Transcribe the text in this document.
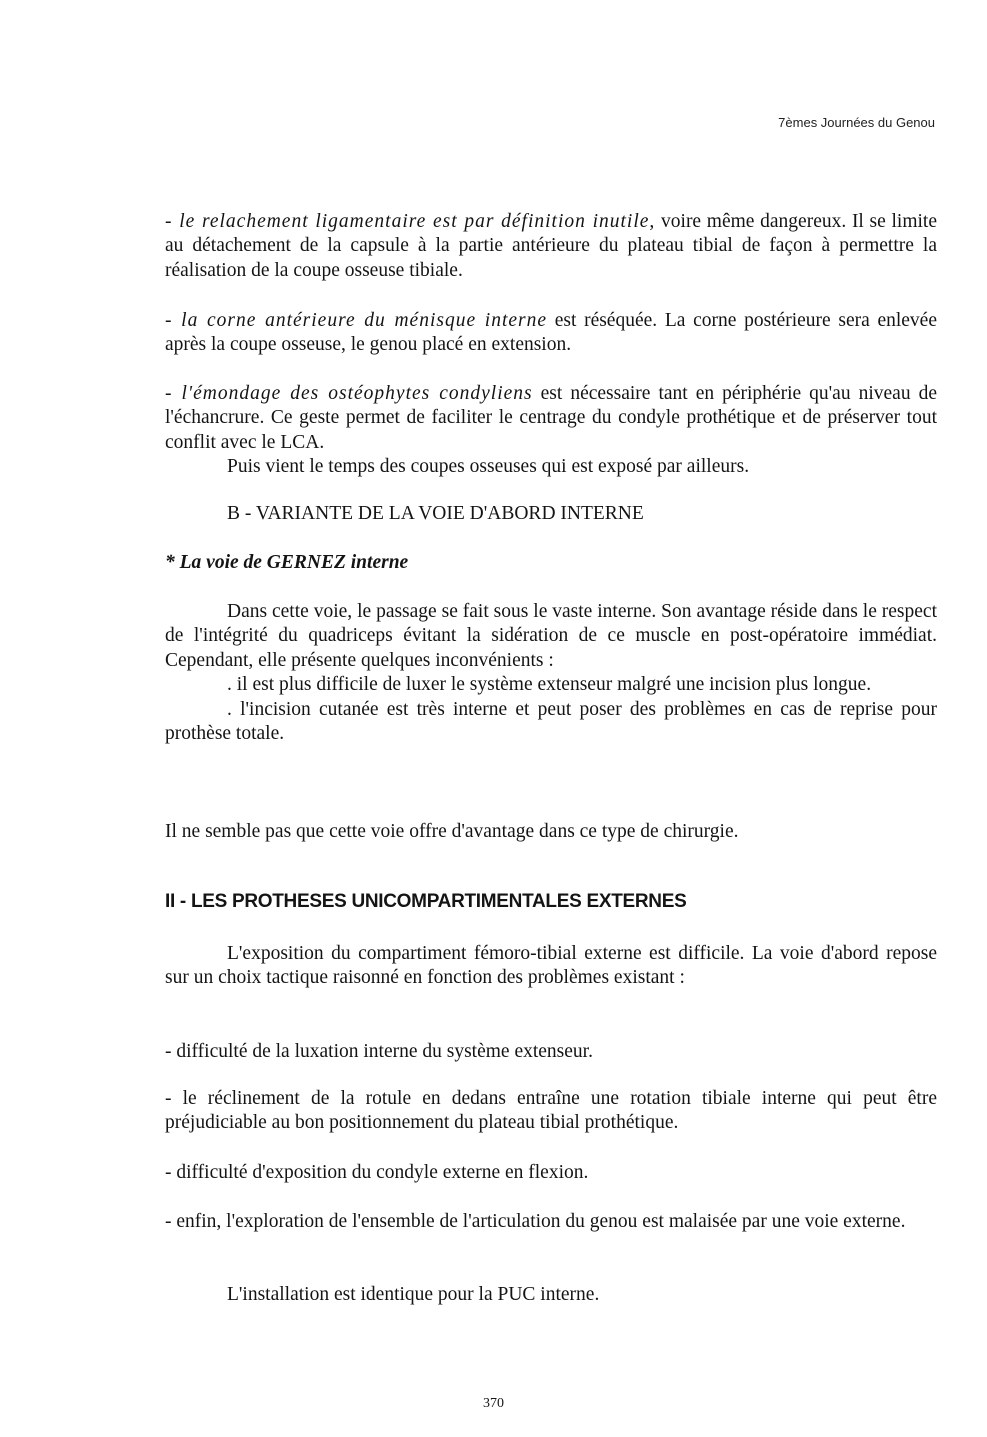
7èmes Journées du Genou

- le relachement ligamentaire est par définition inutile, voire même dangereux. Il se limite au détachement de la capsule à la partie antérieure du plateau tibial de façon à permettre la réalisation de la coupe osseuse tibiale.

- la corne antérieure du ménisque interne est réséquée. La corne postérieure sera enlevée après la coupe osseuse, le genou placé en extension.

- l'émondage des ostéophytes condyliens est nécessaire tant en périphérie qu'au niveau de l'échancrure. Ce geste permet de faciliter le centrage du condyle prothétique et de préserver tout conflit avec le LCA.

Puis vient le temps des coupes osseuses qui est exposé par ailleurs.

B - VARIANTE DE LA VOIE D'ABORD INTERNE
* La voie de GERNEZ interne
Dans cette voie, le passage se fait sous le vaste interne. Son avantage réside dans le respect de l'intégrité du quadriceps évitant la sidération de ce muscle en post-opératoire immédiat. Cependant, elle présente quelques inconvénients :
. il est plus difficile de luxer le système extenseur malgré une incision plus longue.
. l'incision cutanée est très interne et peut poser des problèmes en cas de reprise pour prothèse totale.

Il ne semble pas que cette voie offre d'avantage dans ce type de chirurgie.

II - LES PROTHESES UNICOMPARTIMENTALES EXTERNES

L'exposition du compartiment fémoro-tibial externe est difficile. La voie d'abord repose sur un choix tactique raisonné en fonction des problèmes existant :

- difficulté de la luxation interne du système extenseur.

- le réclinement de la rotule en dedans entraîne une rotation tibiale interne qui peut être préjudiciable au bon positionnement du plateau tibial prothétique.

- difficulté d'exposition du condyle externe en flexion.

- enfin, l'exploration de l'ensemble de l'articulation du genou est malaisée par une voie externe.

L'installation est identique pour la PUC interne.

370
